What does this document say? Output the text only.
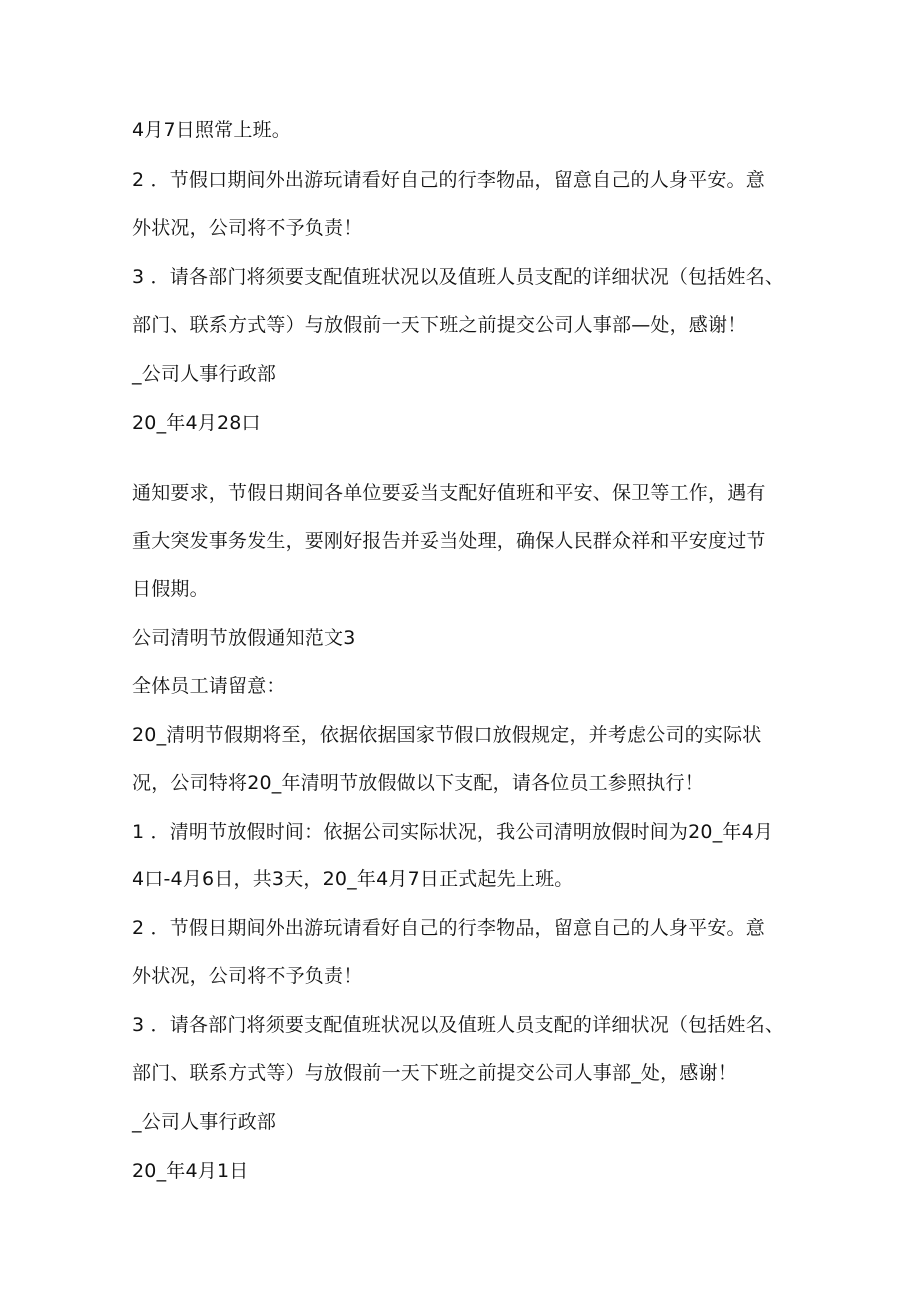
4月7日照常上班。
2 ．节假口期间外出游玩请看好自己的行李物品，留意自己的人身平安。意
外状况，公司将不予负责！
3 ．请各部门将须要支配值班状况以及值班人员支配的详细状况（包括姓名、
部门、联系方式等）与放假前一天下班之前提交公司人事部—处，感谢！
_公司人事行政部
20_年4月28口
通知要求，节假日期间各单位要妥当支配好值班和平安、保卫等工作，遇有
重大突发事务发生，要刚好报告并妥当处理，确保人民群众祥和平安度过节
日假期。
公司清明节放假通知范文3
全体员工请留意：
20_清明节假期将至，依据依据国家节假口放假规定，并考虑公司的实际状
况，公司特将20_年清明节放假做以下支配，请各位员工参照执行！
1 ．清明节放假时间：依据公司实际状况，我公司清明放假时间为20_年4月
4口-4月6日，共3天，20_年4月7日正式起先上班。
2 ．节假日期间外出游玩请看好自己的行李物品，留意自己的人身平安。意
外状况，公司将不予负责！
3 ．请各部门将须要支配值班状况以及值班人员支配的详细状况（包括姓名、
部门、联系方式等）与放假前一天下班之前提交公司人事部_处，感谢！
_公司人事行政部
20_年4月1日
